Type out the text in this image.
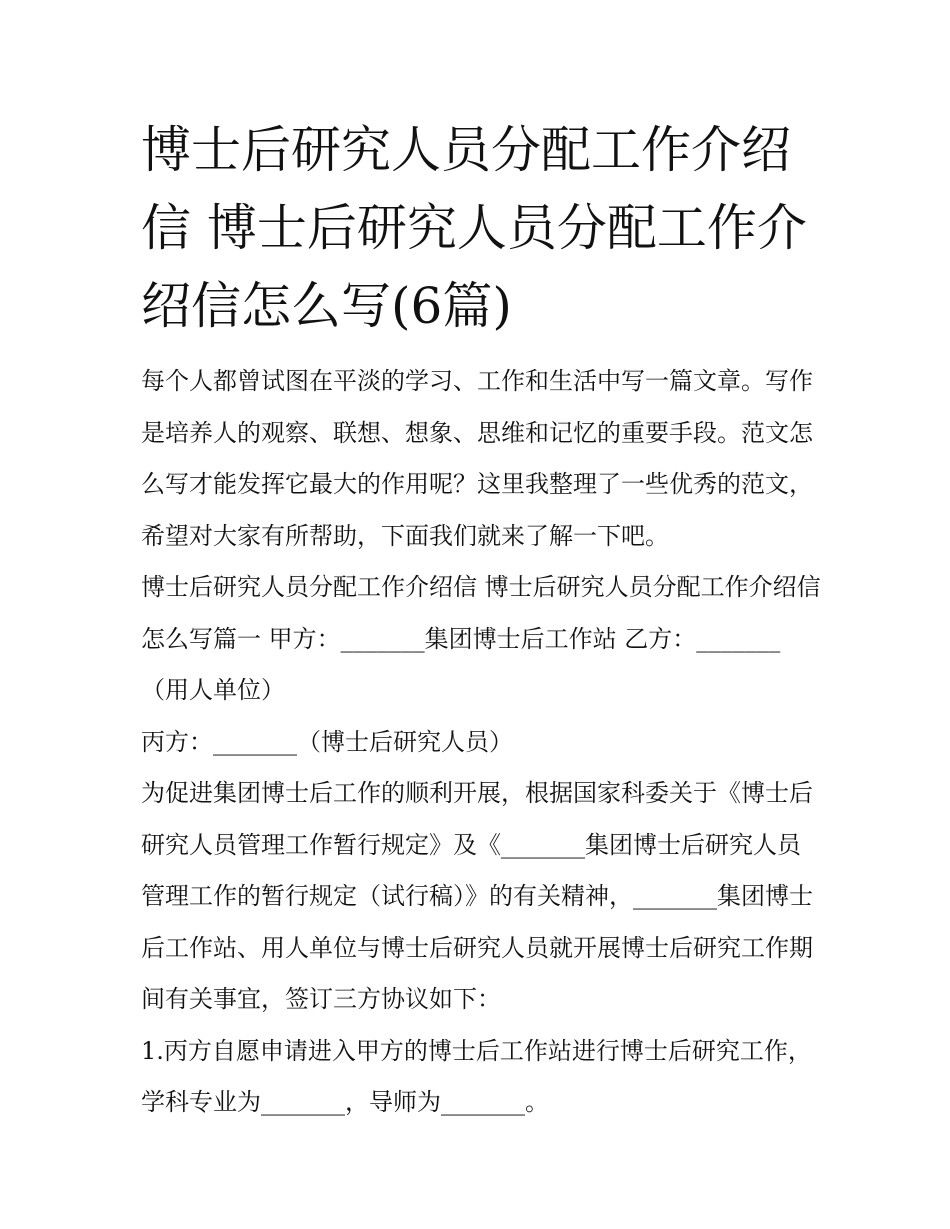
博士后研究人员分配工作介绍信 博士后研究人员分配工作介绍信怎么写(6篇)

每个人都曾试图在平淡的学习、工作和生活中写一篇文章。写作是培养人的观察、联想、想象、思维和记忆的重要手段。范文怎么写才能发挥它最大的作用呢？这里我整理了一些优秀的范文，希望对大家有所帮助，下面我们就来了解一下吧。

博士后研究人员分配工作介绍信 博士后研究人员分配工作介绍信怎么写篇一 甲方：_______集团博士后工作站 乙方：_______（用人单位）

丙方：_______（博士后研究人员）

为促进集团博士后工作的顺利开展，根据国家科委关于《博士后研究人员管理工作暂行规定》及《_______集团博士后研究人员管理工作的暂行规定（试行稿）》的有关精神，_______集团博士后工作站、用人单位与博士后研究人员就开展博士后研究工作期间有关事宜，签订三方协议如下：

1.丙方自愿申请进入甲方的博士后工作站进行博士后研究工作，学科专业为_______，导师为_______。
